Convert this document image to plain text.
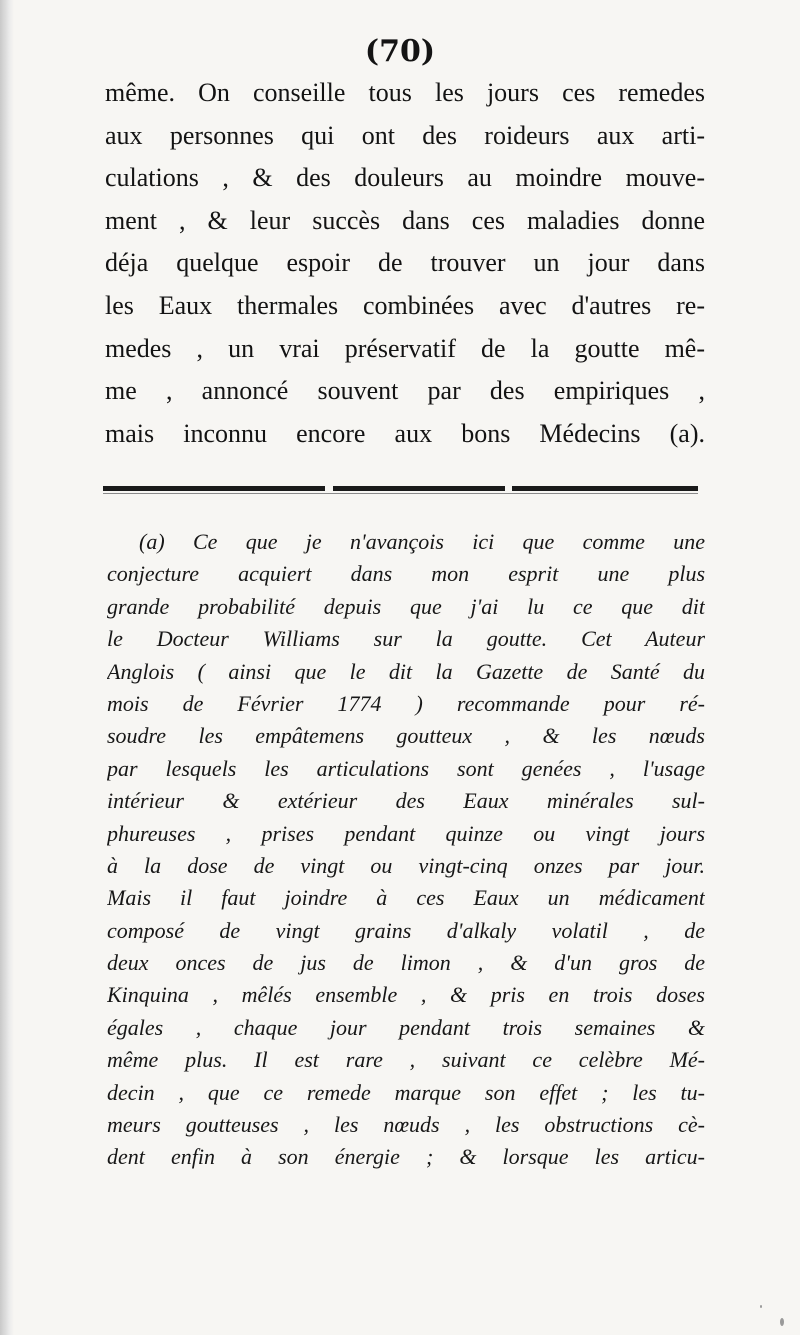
(70)
même. On conseille tous les jours ces remedes
aux personnes qui ont des roideurs aux arti-
culations , & des douleurs au moindre mouve-
ment , & leur succès dans ces maladies donne
déja quelque espoir de trouver un jour dans
les Eaux thermales combinées avec d'autres re-
medes , un vrai préservatif de la goutte mê-
me , annoncé souvent par des empiriques ,
mais inconnu encore aux bons Médecins (a).
(a) Ce que je n'avançois ici que comme une
conjecture acquiert dans mon esprit une plus
grande probabilité depuis que j'ai lu ce que dit
le Docteur Williams sur la goutte. Cet Auteur
Anglois ( ainsi que le dit la Gazette de Santé du
mois de Février 1774 ) recommande pour ré-
soudre les empâtemens goutteux , & les nœuds
par lesquels les articulations sont genées , l'usage
intérieur & extérieur des Eaux minérales sul-
phureuses , prises pendant quinze ou vingt jours
à la dose de vingt ou vingt-cinq onzes par jour.
Mais il faut joindre à ces Eaux un médicament
composé de vingt grains d'alkaly volatil , de
deux onces de jus de limon , & d'un gros de
Kinquina , mêlés ensemble , & pris en trois doses
égales , chaque jour pendant trois semaines &
même plus. Il est rare , suivant ce celèbre Mé-
decin , que ce remede marque son effet ; les tu-
meurs goutteuses , les nœuds , les obstructions cè-
dent enfin à son énergie ; & lorsque les articu-
